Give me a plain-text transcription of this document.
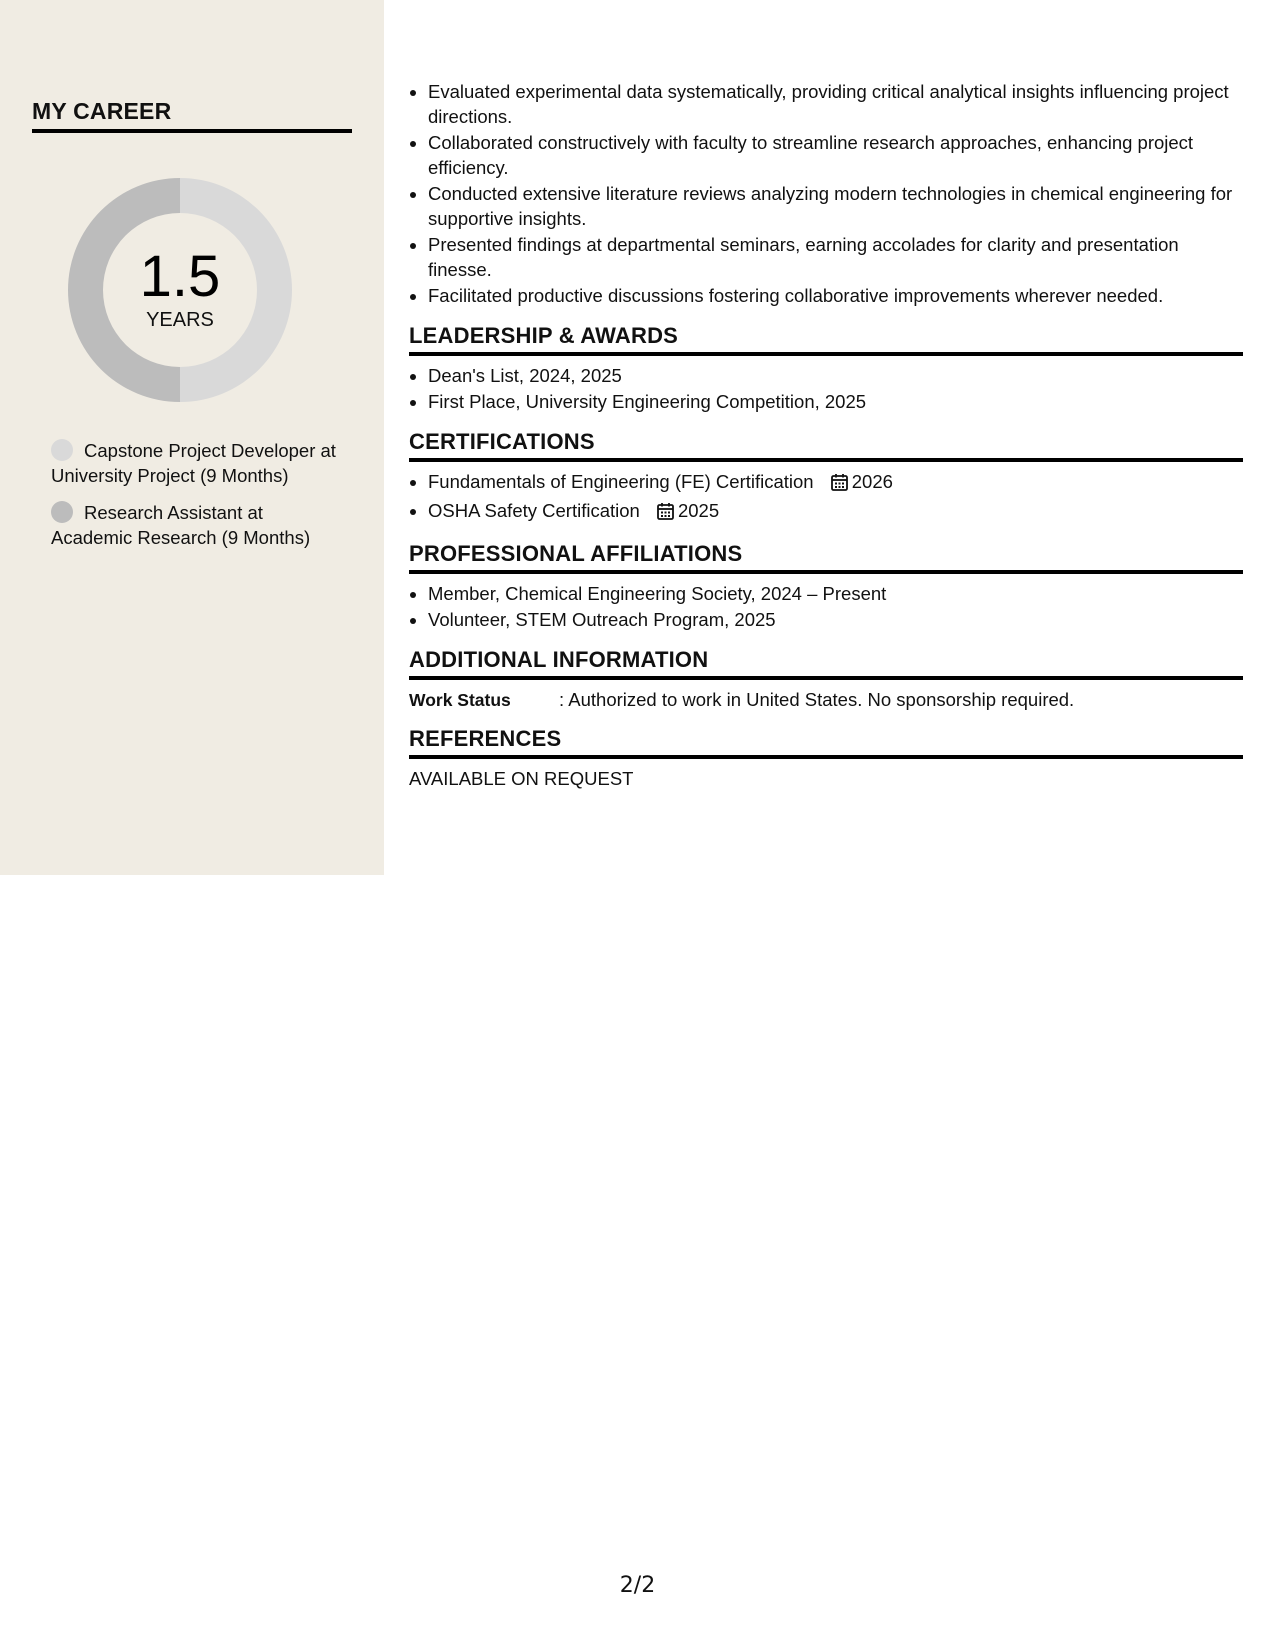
MY CAREER
1.5
YEARS
Capstone Project Developer at University Project (9 Months)
Research Assistant at Academic Research (9 Months)
• Evaluated experimental data systematically, providing critical analytical insights influencing project directions.
• Collaborated constructively with faculty to streamline research approaches, enhancing project efficiency.
• Conducted extensive literature reviews analyzing modern technologies in chemical engineering for supportive insights.
• Presented findings at departmental seminars, earning accolades for clarity and presentation finesse.
• Facilitated productive discussions fostering collaborative improvements wherever needed.
LEADERSHIP & AWARDS
• Dean's List, 2024, 2025
• First Place, University Engineering Competition, 2025
CERTIFICATIONS
• Fundamentals of Engineering (FE) Certification 2026
• OSHA Safety Certification 2025
PROFESSIONAL AFFILIATIONS
• Member, Chemical Engineering Society, 2024 – Present
• Volunteer, STEM Outreach Program, 2025
ADDITIONAL INFORMATION
Work Status	: Authorized to work in United States. No sponsorship required.
REFERENCES
AVAILABLE ON REQUEST
2/2
